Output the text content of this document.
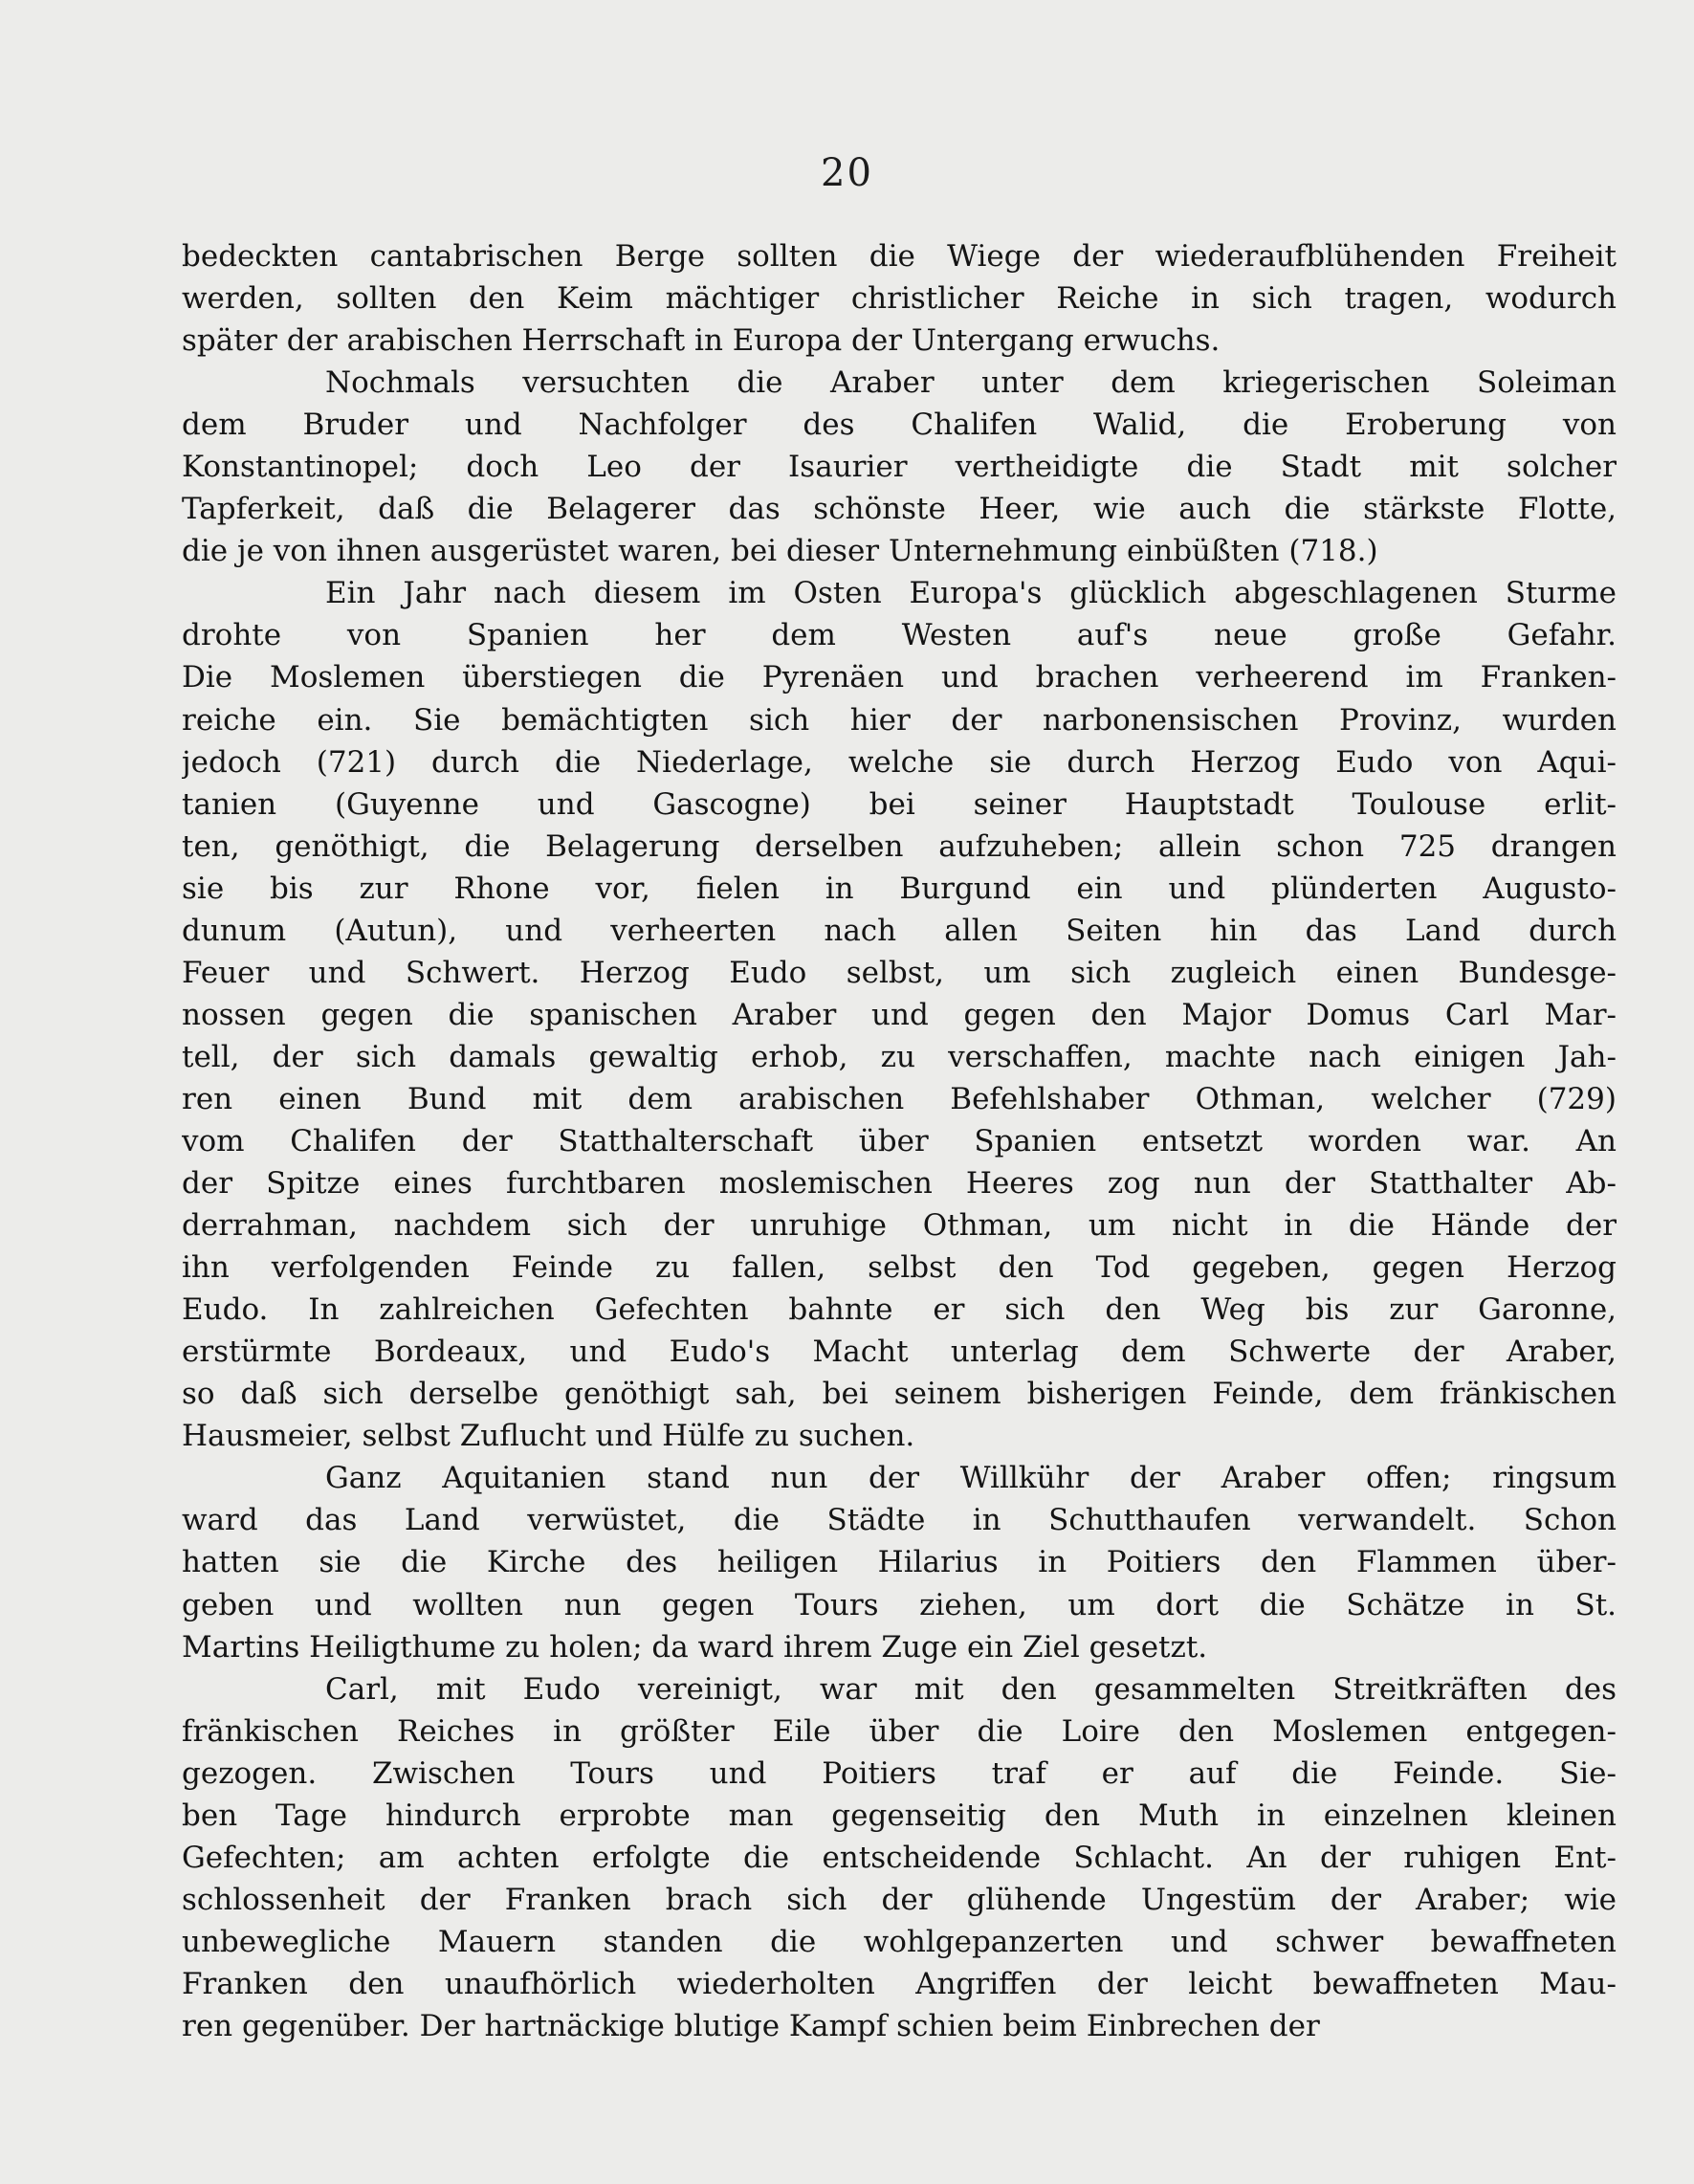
20
bedeckten cantabrischen Berge sollten die Wiege der wiederaufblühenden Freiheit
werden, sollten den Keim mächtiger christlicher Reiche in sich tragen, wodurch
später der arabischen Herrschaft in Europa der Untergang erwuchs.
Nochmals versuchten die Araber unter dem kriegerischen Soleiman
dem Bruder und Nachfolger des Chalifen Walid, die Eroberung von
Konstantinopel; doch Leo der Isaurier vertheidigte die Stadt mit solcher
Tapferkeit, daß die Belagerer das schönste Heer, wie auch die stärkste Flotte,
die je von ihnen ausgerüstet waren, bei dieser Unternehmung einbüßten (718.)
Ein Jahr nach diesem im Osten Europa's glücklich abgeschlagenen Sturme
drohte von Spanien her dem Westen auf's neue große Gefahr.
Die Moslemen überstiegen die Pyrenäen und brachen verheerend im Franken-
reiche ein. Sie bemächtigten sich hier der narbonensischen Provinz, wurden
jedoch (721) durch die Niederlage, welche sie durch Herzog Eudo von Aqui-
tanien (Guyenne und Gascogne) bei seiner Hauptstadt Toulouse erlit-
ten, genöthigt, die Belagerung derselben aufzuheben; allein schon 725 drangen
sie bis zur Rhone vor, fielen in Burgund ein und plünderten Augusto-
dunum (Autun), und verheerten nach allen Seiten hin das Land durch
Feuer und Schwert. Herzog Eudo selbst, um sich zugleich einen Bundesge-
nossen gegen die spanischen Araber und gegen den Major Domus Carl Mar-
tell, der sich damals gewaltig erhob, zu verschaffen, machte nach einigen Jah-
ren einen Bund mit dem arabischen Befehlshaber Othman, welcher (729)
vom Chalifen der Statthalterschaft über Spanien entsetzt worden war. An
der Spitze eines furchtbaren moslemischen Heeres zog nun der Statthalter Ab-
derrahman, nachdem sich der unruhige Othman, um nicht in die Hände der
ihn verfolgenden Feinde zu fallen, selbst den Tod gegeben, gegen Herzog
Eudo. In zahlreichen Gefechten bahnte er sich den Weg bis zur Garonne,
erstürmte Bordeaux, und Eudo's Macht unterlag dem Schwerte der Araber,
so daß sich derselbe genöthigt sah, bei seinem bisherigen Feinde, dem fränkischen
Hausmeier, selbst Zuflucht und Hülfe zu suchen.
Ganz Aquitanien stand nun der Willkühr der Araber offen; ringsum
ward das Land verwüstet, die Städte in Schutthaufen verwandelt. Schon
hatten sie die Kirche des heiligen Hilarius in Poitiers den Flammen über-
geben und wollten nun gegen Tours ziehen, um dort die Schätze in St.
Martins Heiligthume zu holen; da ward ihrem Zuge ein Ziel gesetzt.
Carl, mit Eudo vereinigt, war mit den gesammelten Streitkräften des
fränkischen Reiches in größter Eile über die Loire den Moslemen entgegen-
gezogen. Zwischen Tours und Poitiers traf er auf die Feinde. Sie-
ben Tage hindurch erprobte man gegenseitig den Muth in einzelnen kleinen
Gefechten; am achten erfolgte die entscheidende Schlacht. An der ruhigen Ent-
schlossenheit der Franken brach sich der glühende Ungestüm der Araber; wie
unbewegliche Mauern standen die wohlgepanzerten und schwer bewaffneten
Franken den unaufhörlich wiederholten Angriffen der leicht bewaffneten Mau-
ren gegenüber. Der hartnäckige blutige Kampf schien beim Einbrechen der
